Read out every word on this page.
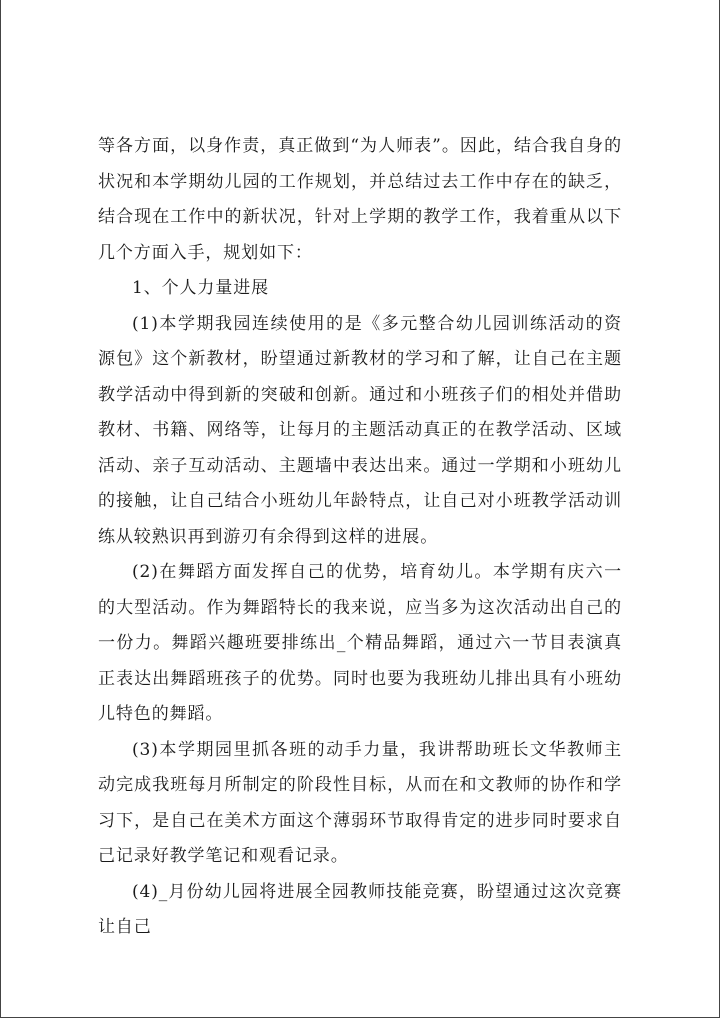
等各方面，以身作责，真正做到“为人师表”。因此，结合我自身的状况和本学期幼儿园的工作规划，并总结过去工作中存在的缺乏，结合现在工作中的新状况，针对上学期的教学工作，我着重从以下几个方面入手，规划如下：

1、个人力量进展

(1)本学期我园连续使用的是《多元整合幼儿园训练活动的资源包》这个新教材，盼望通过新教材的学习和了解，让自己在主题教学活动中得到新的突破和创新。通过和小班孩子们的相处并借助教材、书籍、网络等，让每月的主题活动真正的在教学活动、区域活动、亲子互动活动、主题墙中表达出来。通过一学期和小班幼儿的接触，让自己结合小班幼儿年龄特点，让自己对小班教学活动训练从较熟识再到游刃有余得到这样的进展。

(2)在舞蹈方面发挥自己的优势，培育幼儿。本学期有庆六一的大型活动。作为舞蹈特长的我来说，应当多为这次活动出自己的一份力。舞蹈兴趣班要排练出_个精品舞蹈，通过六一节目表演真正表达出舞蹈班孩子的优势。同时也要为我班幼儿排出具有小班幼儿特色的舞蹈。

(3)本学期园里抓各班的动手力量，我讲帮助班长文华教师主动完成我班每月所制定的阶段性目标，从而在和文教师的协作和学习下，是自己在美术方面这个薄弱环节取得肯定的进步同时要求自己记录好教学笔记和观看记录。

(4)_月份幼儿园将进展全园教师技能竞赛，盼望通过这次竞赛让自己
